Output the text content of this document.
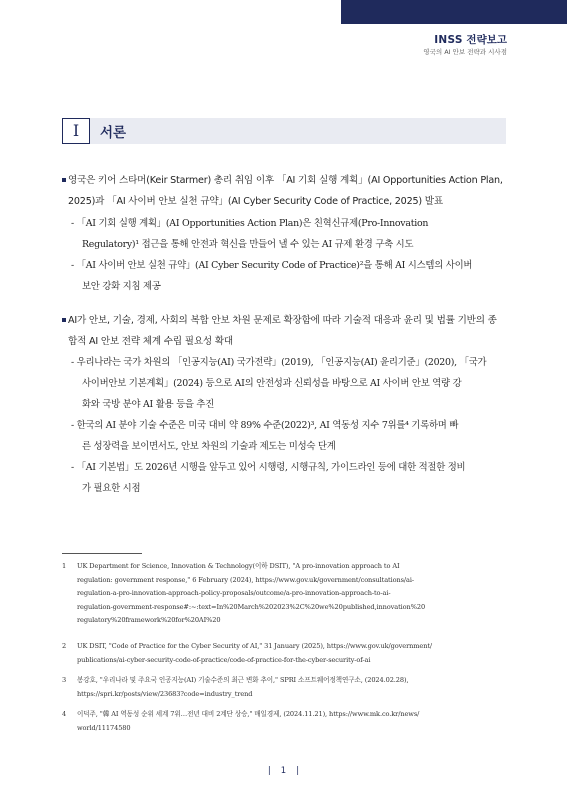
INSS 전략보고
영국의 AI 안보 전략과 시사점
Ⅰ	서론

영국은 키어 스타머(Keir Starmer) 총리 취임 이후 「AI 기회 실행 계획」(AI Opportunities Action Plan,

2025)과 「AI 사이버 안보 실천 규약」(AI Cyber Security Code of Practice, 2025) 발표

- 「AI 기회 실행 계획」(AI Opportunities Action Plan)은 친혁신규제(Pro-Innovation

Regulatory)¹ 접근을 통해 안전과 혁신을 만들어 낼 수 있는 AI 규제 환경 구축 시도

- 「AI 사이버 안보 실천 규약」(AI Cyber Security Code of Practice)²을 통해 AI 시스템의 사이버

보안 강화 지침 제공

AI가 안보, 기술, 경제, 사회의 복합 안보 차원 문제로 확장함에 따라 기술적 대응과 윤리 및 법률 기반의 종

합적 AI 안보 전략 체계 수립 필요성 확대

- 우리나라는 국가 차원의 「인공지능(AI) 국가전략」(2019), 「인공지능(AI) 윤리기준」(2020), 「국가

사이버안보 기본계획」(2024) 등으로 AI의 안전성과 신뢰성을 바탕으로 AI 사이버 안보 역량 강

화와 국방 분야 AI 활용 등을 추진

- 한국의 AI 분야 기술 수준은 미국 대비 약 89% 수준(2022)³, AI 역동성 지수 7위를⁴ 기록하며 빠

른 성장력을 보이면서도, 안보 차원의 기술과 제도는 미성숙 단계

- 「AI 기본법」도 2026년 시행을 앞두고 있어 시행령, 시행규칙, 가이드라인 등에 대한 적절한 정비

가 필요한 시점

1	UK Department for Science, Innovation & Technology(이하 DSIT), "A pro-innovation approach to AI

regulation: government response," 6 February (2024), https://www.gov.uk/government/consultations/ai-

regulation-a-pro-innovation-approach-policy-proposals/outcome/a-pro-innovation-approach-to-ai-

regulation-government-response#:~:text=In%20March%202023%2C%20we%20published,innovation%20

regulatory%20framework%20for%20AI%20

2	UK DSIT, "Code of Practice for the Cyber Security of AI," 31 January (2025), https://www.gov.uk/government/

publications/ai-cyber-security-code-of-practice/code-of-practice-for-the-cyber-security-of-ai

3	봉강호, "우리나라 및 주요국 인공지능(AI) 기술수준의 최근 변화 추이," SPRI 소프트웨어정책연구소, (2024.02.28),

https://spri.kr/posts/view/23683?code=industry_trend

4	이덕주, "韓 AI 역동성 순위 세계 7위…전년 대비 2계단 상승," 매일경제, (2024.11.21), https://www.mk.co.kr/news/

world/11174580

| 1 |
